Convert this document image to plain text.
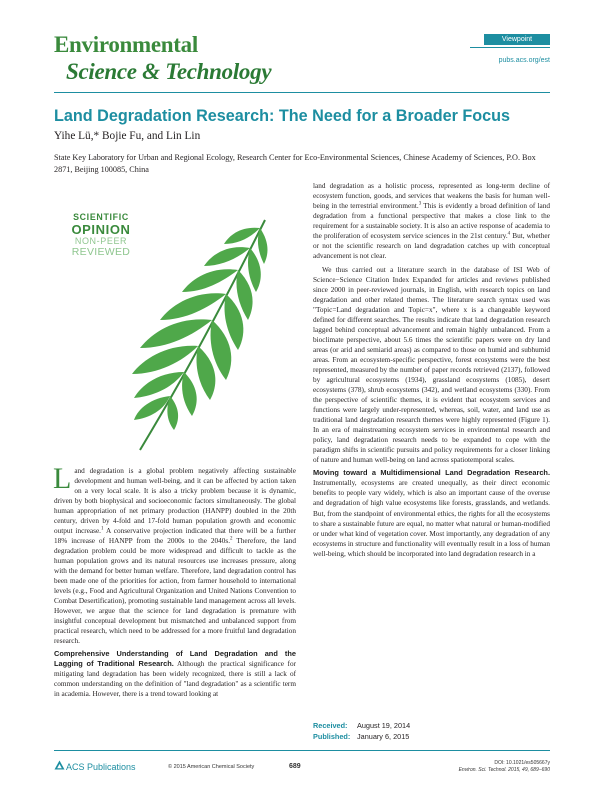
Environmental
Science & Technology
Viewpoint
pubs.acs.org/est
Land Degradation Research: The Need for a Broader Focus
Yihe Lü,* Bojie Fu, and Lin Lin
State Key Laboratory for Urban and Regional Ecology, Research Center for Eco-Environmental Sciences, Chinese Academy of Sciences, P.O. Box 2871, Beijing 100085, China
SCIENTIFIC
OPINION
NON-PEER
REVIEWED

Land degradation is a global problem negatively affecting sustainable development and human well-being, and it can be affected by action taken on a very local scale. It is also a tricky problem because it is dynamic, driven by both biophysical and socioeconomic factors simultaneously. The global human appropriation of net primary production (HANPP) doubled in the 20th century, driven by 4-fold and 17-fold human population growth and economic output increase.$^1$ A conservative projection indicated that there will be a further 18% increase of HANPP from the 2000s to the 2040s.$^2$ Therefore, the land degradation problem could be more widespread and difficult to tackle as the human population grows and its natural resources use increases pressure, along with the demand for better human welfare. Therefore, land degradation control has been made one of the priorities for action, from farmer household to international levels (e.g., Food and Agricultural Organization and United Nations Convention to Combat Desertification), promoting sustainable land management across all levels. However, we argue that the science for land degradation is premature with insightful conceptual development but mismatched and unbalanced support from practical research, which need to be addressed for a more fruitful land degradation research.

Comprehensive Understanding of Land Degradation and the Lagging of Traditional Research. Although the practical significance for mitigating land degradation has been widely recognized, there is still a lack of common understanding on the definition of "land degradation" as a scientific term in academia. However, there is a trend toward looking at

land degradation as a holistic process, represented as long-term decline of ecosystem function, goods, and services that weakens the basis for human well-being in the terrestrial environment.$^3$ This is evidently a broad definition of land degradation from a functional perspective that makes a close link to the requirement for a sustainable society. It is also an active response of academia to the proliferation of ecosystem service sciences in the 21st century.$^4$ But, whether or not the scientific research on land degradation catches up with conceptual advancement is not clear.

We thus carried out a literature search in the database of ISI Web of Science−Science Citation Index Expanded for articles and reviews published since 2000 in peer-reviewed journals, in English, with research topics on land degradation and other related themes. The literature search syntax used was "Topic=Land degradation and Topic=x", where x is a changeable keyword defined for different searches. The results indicate that land degradation research lagged behind conceptual advancement and remain highly unbalanced. From a bioclimate perspective, about 5.6 times the scientific papers were on dry land areas (or arid and semiarid areas) as compared to those on humid and subhumid areas. From an ecosystem-specific perspective, forest ecosystems were the best represented, measured by the number of paper records retrieved (2137), followed by agricultural ecosystems (1934), grassland ecosystems (1085), desert ecosystems (378), shrub ecosystems (342), and wetland ecosystems (330). From the perspective of scientific themes, it is evident that ecosystem services and functions were largely under-represented, whereas, soil, water, and land use as traditional land degradation research themes were highly represented (Figure 1). In an era of mainstreaming ecosystem services in environmental research and policy, land degradation research needs to be expanded to cope with the paradigm shifts in scientific pursuits and policy requirements for a closer linking of nature and human well-being on land across spatiotemporal scales.

Moving toward a Multidimensional Land Degradation Research. Instrumentally, ecosystems are created unequally, as their direct economic benefits to people vary widely, which is also an important cause of the overuse and degradation of high value ecosystems like forests, grasslands, and wetlands. But, from the standpoint of environmental ethics, the rights for all the ecosystems to share a sustainable future are equal, no matter what natural or human-modified or under what kind of vegetation cover. Most importantly, any degradation of any ecosystems in structure and functionality will eventually result in a loss of human well-being, which should be incorporated into land degradation research in a

Received: August 19, 2014
Published: January 6, 2015
ACS Publications	© 2015 American Chemical Society	689	DOI: 10.1021/es505667y
Environ. Sci. Technol. 2015, 49, 689−690
